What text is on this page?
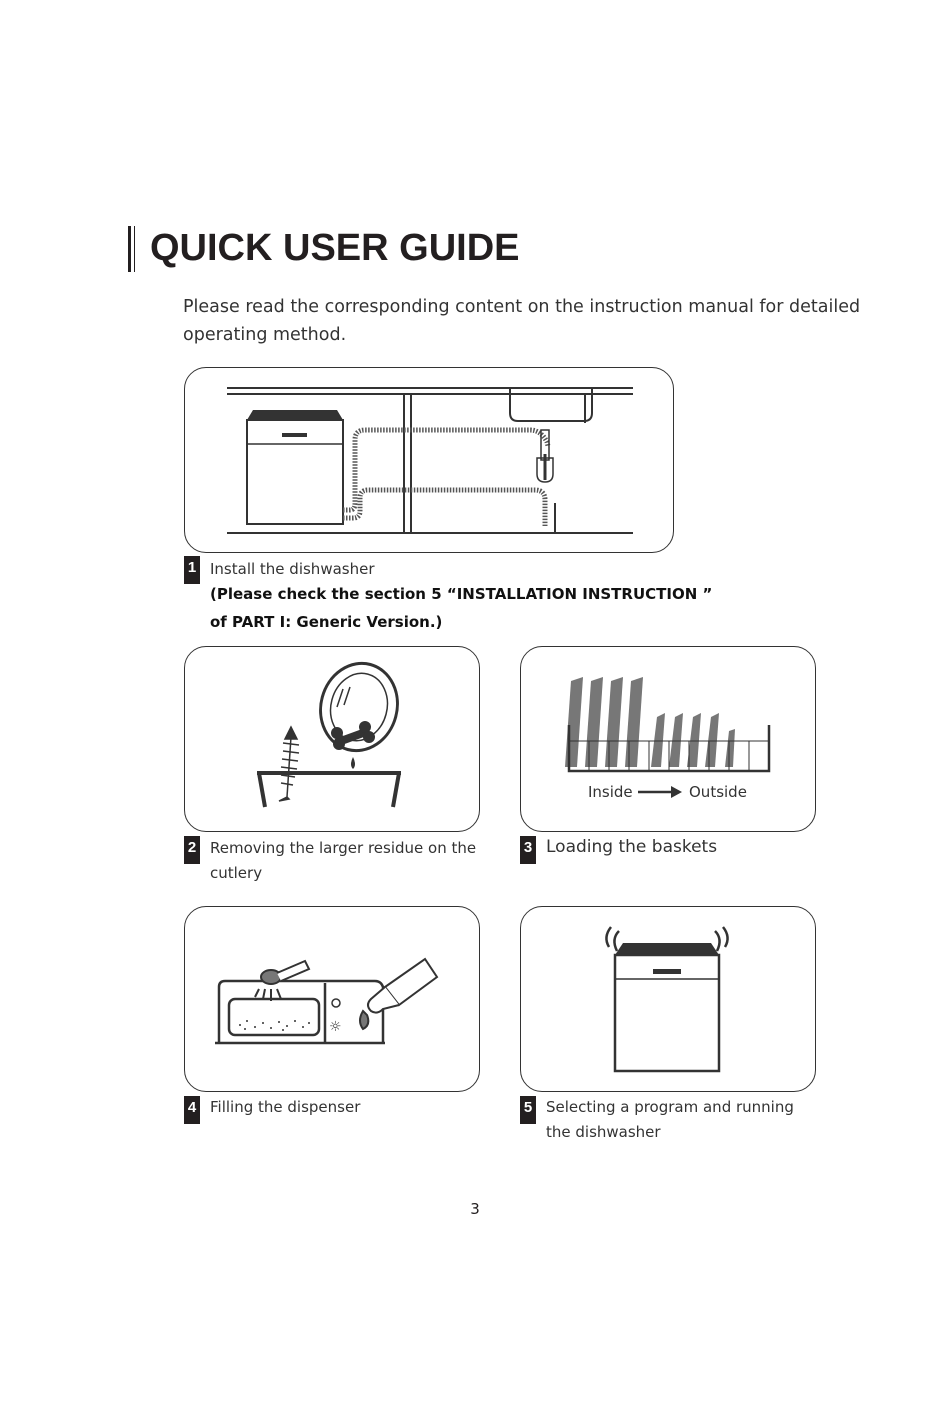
QUICK USER GUIDE
Please read the corresponding content on the instruction manual for detailed operating method.
1 Install the dishwasher
(Please check the section 5 “INSTALLATION INSTRUCTION ”
of PART Ⅰ: Generic Version.)
2 Removing the larger residue on the cutlery
Inside	Outside
3 Loading the baskets
☼
4 Filling the dispenser	5 Selecting a program and running the dishwasher
3
